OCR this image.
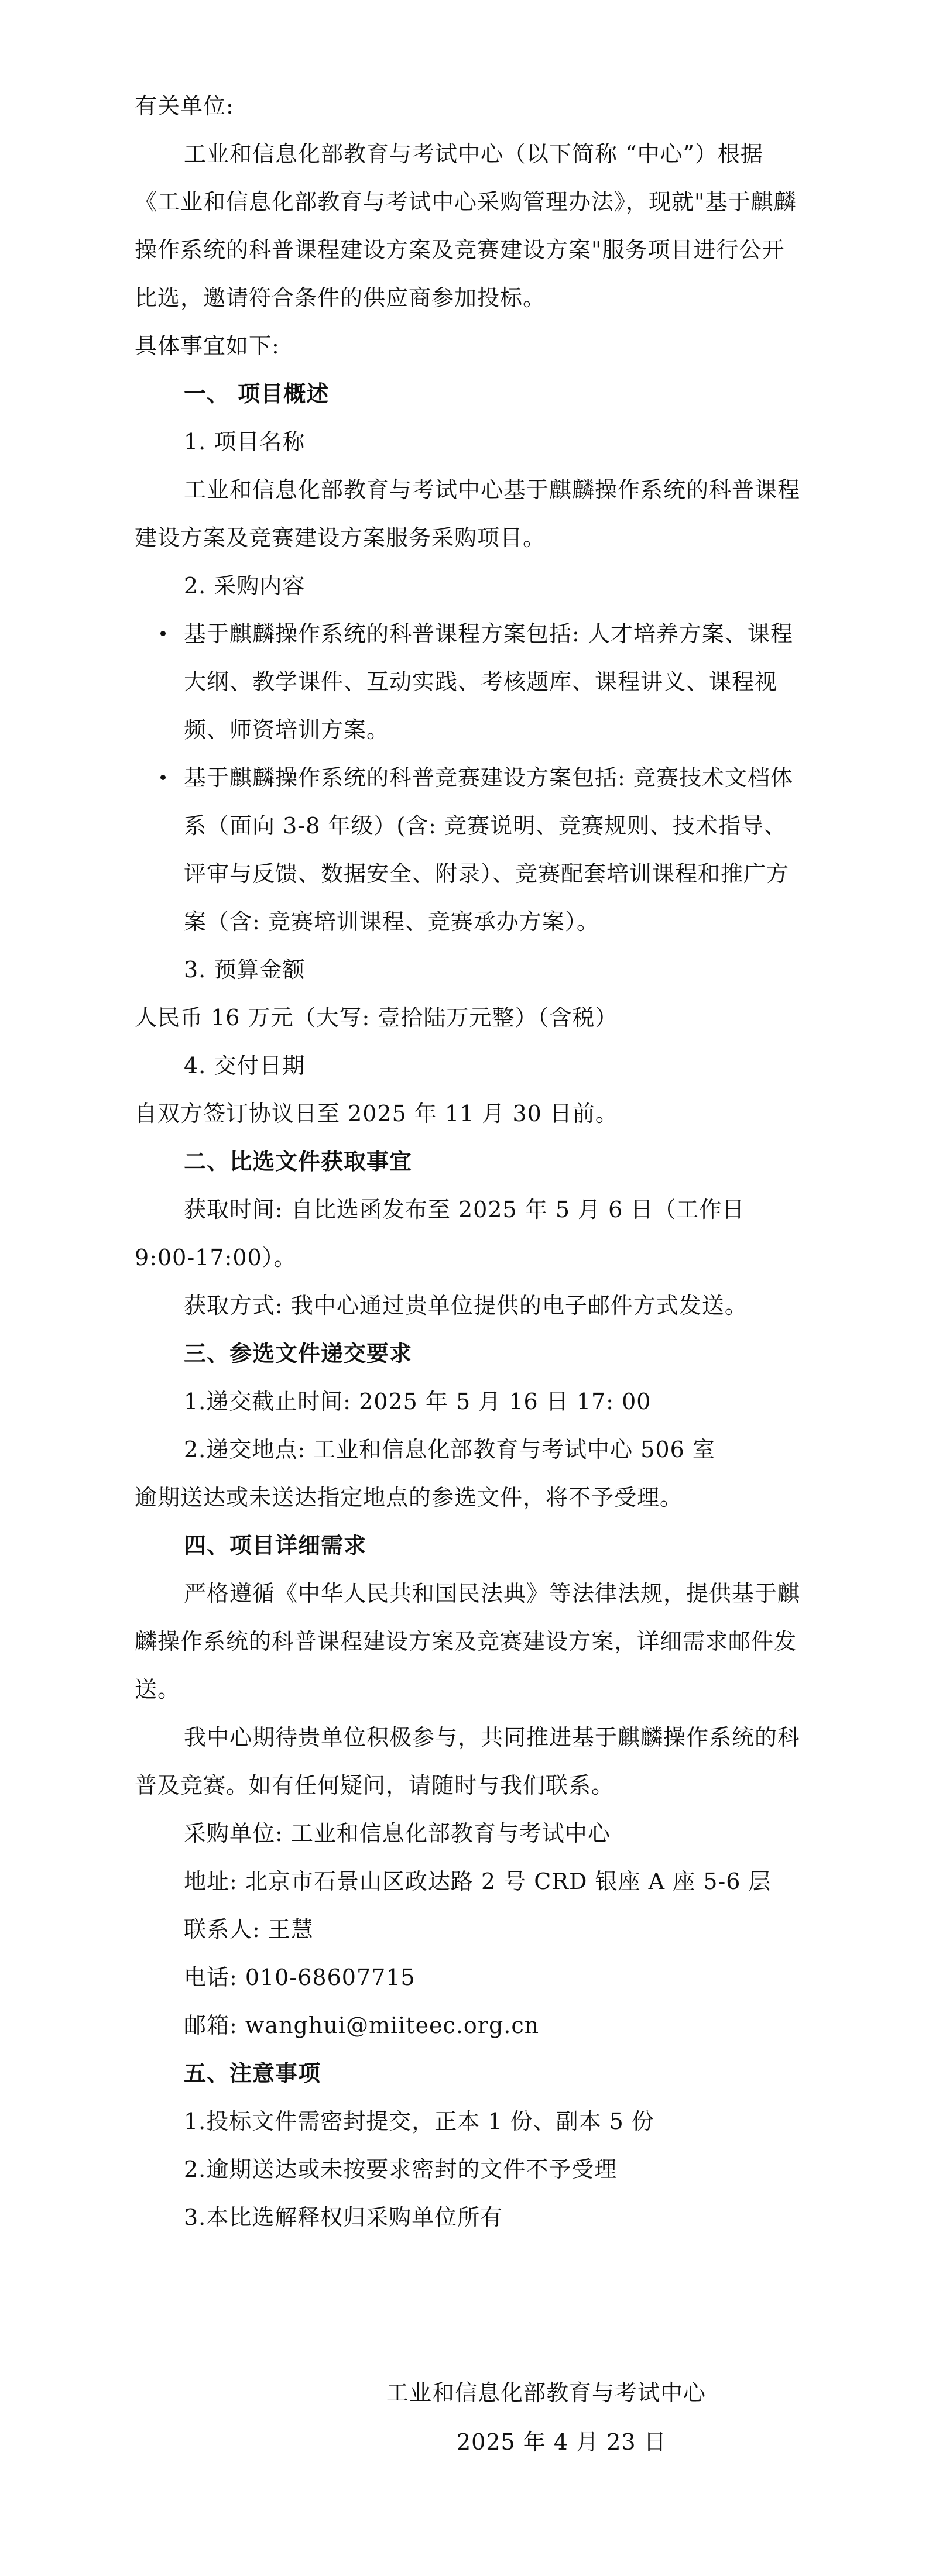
有关单位:

工业和信息化部教育与考试中心（以下简称 “中心”）根据《工业和信息化部教育与考试中心采购管理办法》，现就"基于麒麟操作系统的科普课程建设方案及竞赛建设方案"服务项目进行公开比选，邀请符合条件的供应商参加投标。

具体事宜如下:

一、 项目概述

1. 项目名称

工业和信息化部教育与考试中心基于麒麟操作系统的科普课程建设方案及竞赛建设方案服务采购项目。

2. 采购内容

基于麒麟操作系统的科普课程方案包括: 人才培养方案、课程大纲、教学课件、互动实践、考核题库、课程讲义、课程视频、师资培训方案。
基于麒麟操作系统的科普竞赛建设方案包括: 竞赛技术文档体系（面向 3-8 年级）(含: 竞赛说明、竞赛规则、技术指导、评审与反馈、数据安全、附录）、竞赛配套培训课程和推广方案（含: 竞赛培训课程、竞赛承办方案）。

3. 预算金额

人民币 16 万元（大写: 壹拾陆万元整）（含税）

4. 交付日期

自双方签订协议日至 2025 年 11 月 30 日前。

二、比选文件获取事宜

获取时间: 自比选函发布至 2025 年 5 月 6 日（工作日 9:00-17:00）。

获取方式: 我中心通过贵单位提供的电子邮件方式发送。

三、参选文件递交要求

1.递交截止时间: 2025 年 5 月 16 日 17: 00

2.递交地点: 工业和信息化部教育与考试中心 506 室

逾期送达或未送达指定地点的参选文件，将不予受理。

四、项目详细需求

严格遵循《中华人民共和国民法典》等法律法规，提供基于麒麟操作系统的科普课程建设方案及竞赛建设方案，详细需求邮件发送。

我中心期待贵单位积极参与，共同推进基于麒麟操作系统的科普及竞赛。如有任何疑问，请随时与我们联系。

采购单位: 工业和信息化部教育与考试中心

地址: 北京市石景山区政达路 2 号 CRD 银座 A 座 5-6 层

联系人: 王慧

电话: 010-68607715

邮箱: wanghui@miiteec.org.cn

五、注意事项

1.投标文件需密封提交，正本 1 份、副本 5 份

2.逾期送达或未按要求密封的文件不予受理

3.本比选解释权归采购单位所有

工业和信息化部教育与考试中心
2025 年 4 月 23 日
